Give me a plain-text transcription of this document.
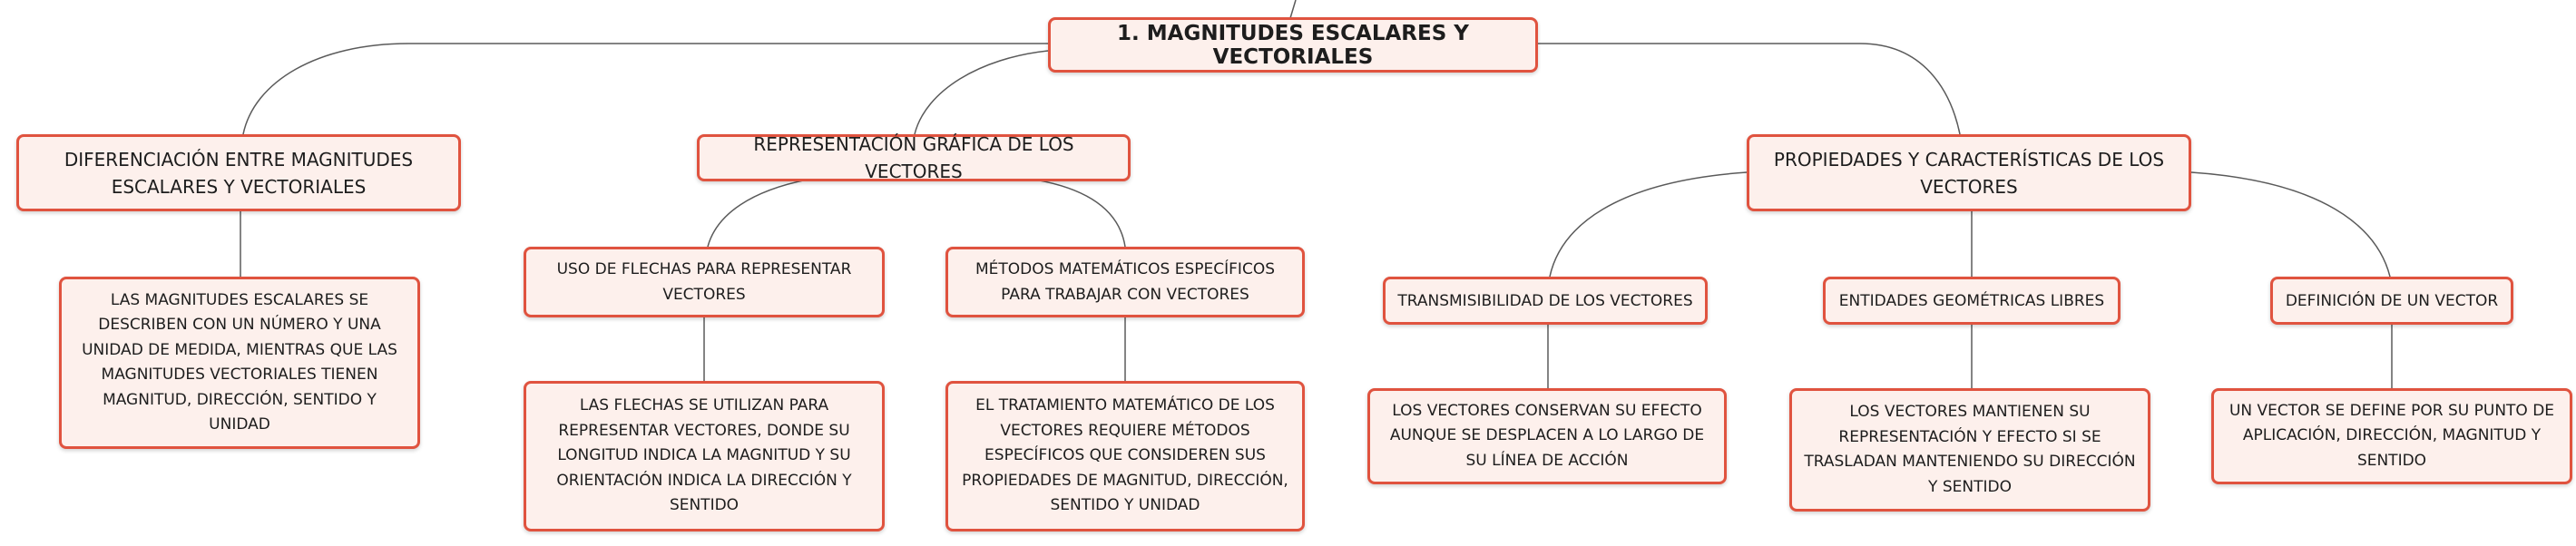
1. MAGNITUDES ESCALARES Y VECTORIALES
DIFERENCIACIÓN ENTRE MAGNITUDES ESCALARES Y VECTORIALES
LAS MAGNITUDES ESCALARES SE DESCRIBEN CON UN NÚMERO Y UNA UNIDAD DE MEDIDA, MIENTRAS QUE LAS MAGNITUDES VECTORIALES TIENEN MAGNITUD, DIRECCIÓN, SENTIDO Y UNIDAD
REPRESENTACIÓN GRÁFICA DE LOS VECTORES
USO DE FLECHAS PARA REPRESENTAR VECTORES
MÉTODOS MATEMÁTICOS ESPECÍFICOS PARA TRABAJAR CON VECTORES
LAS FLECHAS SE UTILIZAN PARA REPRESENTAR VECTORES, DONDE SU LONGITUD INDICA LA MAGNITUD Y SU ORIENTACIÓN INDICA LA DIRECCIÓN Y SENTIDO
EL TRATAMIENTO MATEMÁTICO DE LOS VECTORES REQUIERE MÉTODOS ESPECÍFICOS QUE CONSIDEREN SUS PROPIEDADES DE MAGNITUD, DIRECCIÓN, SENTIDO Y UNIDAD
PROPIEDADES Y CARACTERÍSTICAS DE LOS VECTORES
TRANSMISIBILIDAD DE LOS VECTORES	ENTIDADES GEOMÉTRICAS LIBRES	DEFINICIÓN DE UN VECTOR
LOS VECTORES CONSERVAN SU EFECTO AUNQUE SE DESPLACEN A LO LARGO DE SU LÍNEA DE ACCIÓN
LOS VECTORES MANTIENEN SU REPRESENTACIÓN Y EFECTO SI SE TRASLADAN MANTENIENDO SU DIRECCIÓN Y SENTIDO
UN VECTOR SE DEFINE POR SU PUNTO DE APLICACIÓN, DIRECCIÓN, MAGNITUD Y SENTIDO
